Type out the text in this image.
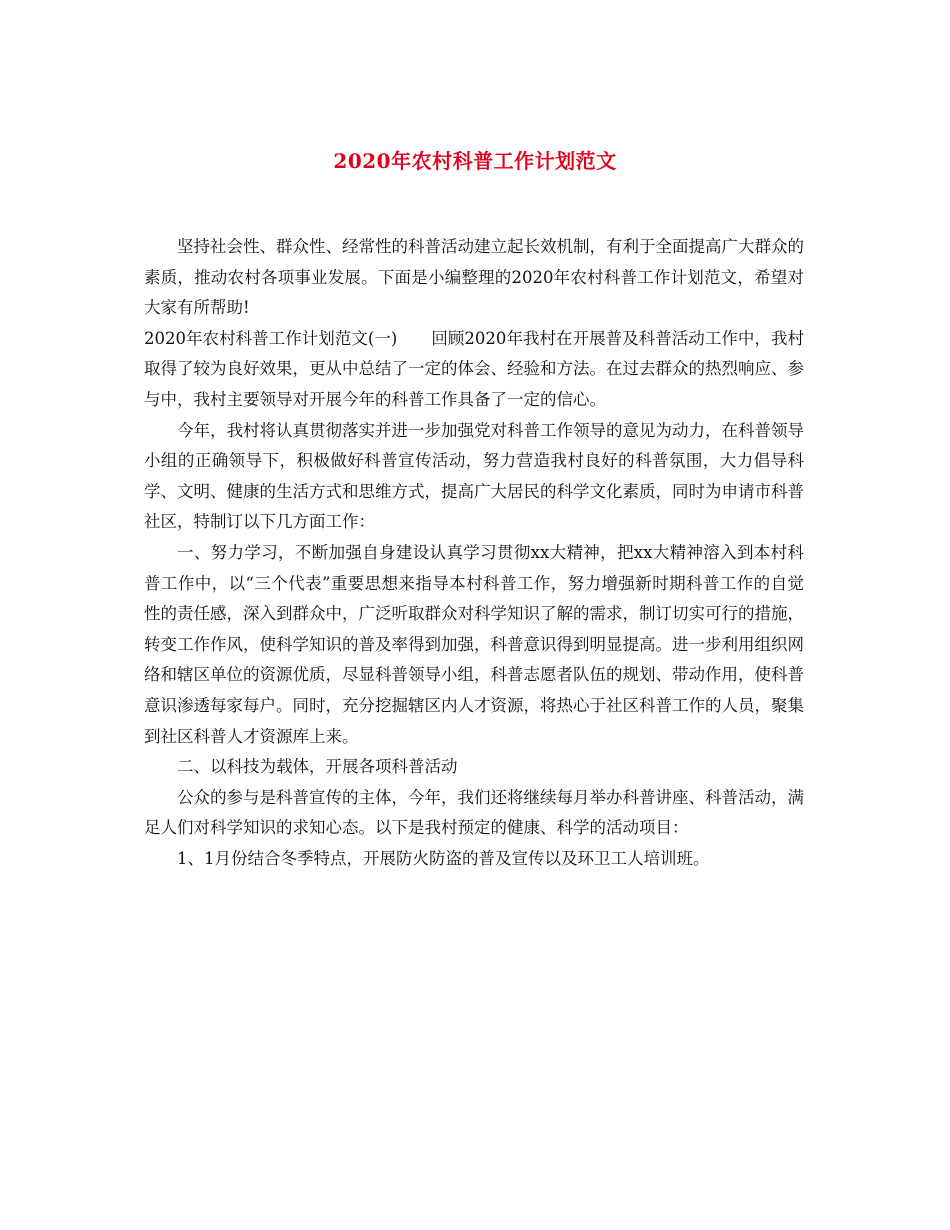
2020年农村科普工作计划范文

坚持社会性、群众性、经常性的科普活动建立起长效机制，有利于全面提高广大群众的素质，推动农村各项事业发展。下面是小编整理的2020年农村科普工作计划范文，希望对大家有所帮助!

2020年农村科普工作计划范文(一) 回顾2020年我村在开展普及科普活动工作中，我村取得了较为良好效果，更从中总结了一定的体会、经验和方法。在过去群众的热烈响应、参与中，我村主要领导对开展今年的科普工作具备了一定的信心。

今年，我村将认真贯彻落实并进一步加强党对科普工作领导的意见为动力，在科普领导小组的正确领导下，积极做好科普宣传活动，努力营造我村良好的科普氛围，大力倡导科学、文明、健康的生活方式和思维方式，提高广大居民的科学文化素质，同时为申请市科普社区，特制订以下几方面工作：

一、努力学习，不断加强自身建设认真学习贯彻xx大精神，把xx大精神溶入到本村科普工作中，以“三个代表”重要思想来指导本村科普工作，努力增强新时期科普工作的自觉性的责任感，深入到群众中，广泛听取群众对科学知识了解的需求，制订切实可行的措施，转变工作作风，使科学知识的普及率得到加强，科普意识得到明显提高。进一步利用组织网络和辖区单位的资源优质，尽显科普领导小组，科普志愿者队伍的规划、带动作用，使科普意识渗透每家每户。同时，充分挖掘辖区内人才资源，将热心于社区科普工作的人员，聚集到社区科普人才资源库上来。

二、以科技为载体，开展各项科普活动

公众的参与是科普宣传的主体，今年，我们还将继续每月举办科普讲座、科普活动，满足人们对科学知识的求知心态。以下是我村预定的健康、科学的活动项目：

1、1月份结合冬季特点，开展防火防盗的普及宣传以及环卫工人培训班。
